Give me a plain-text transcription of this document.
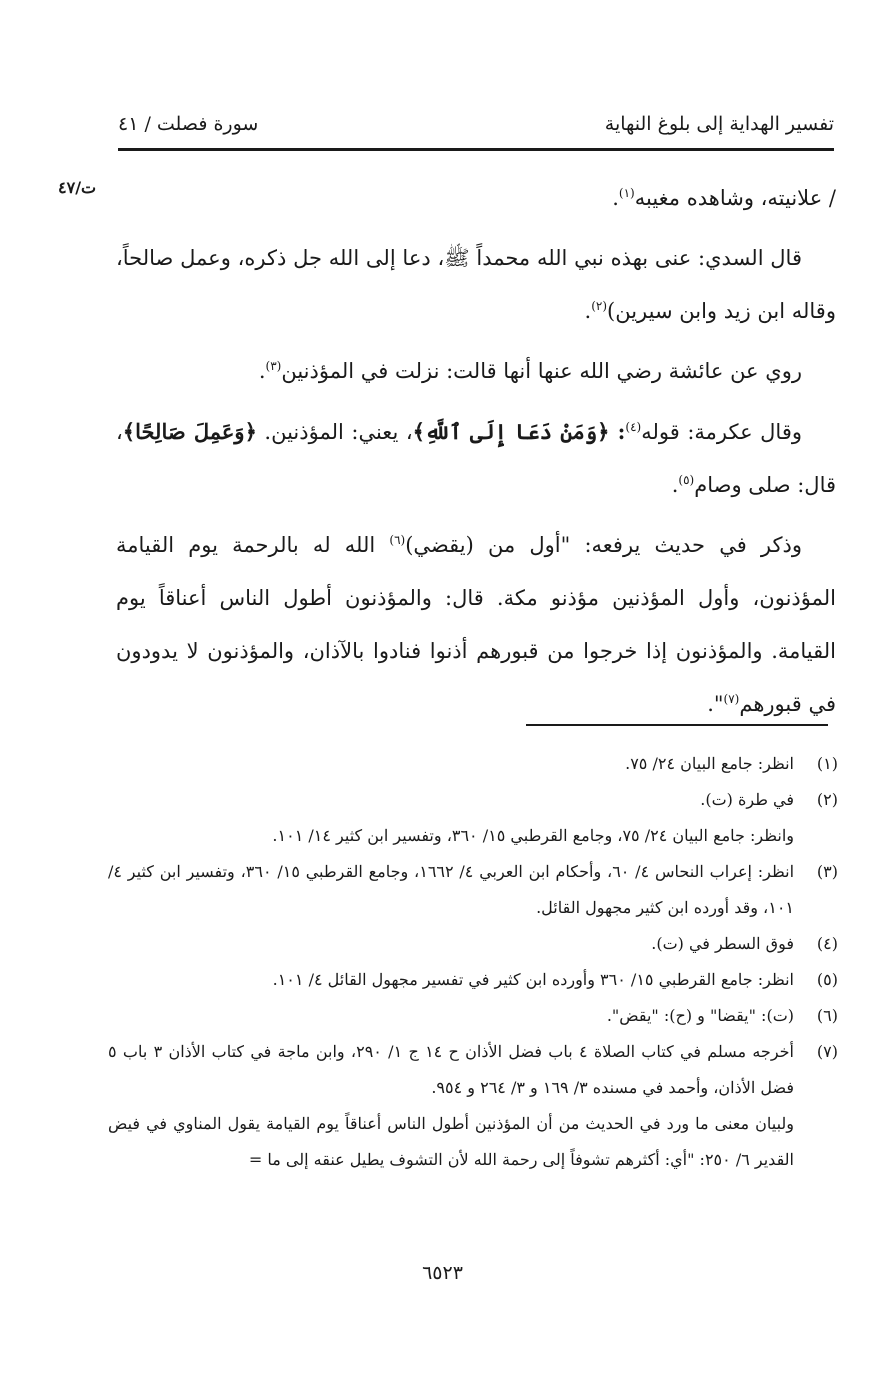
تفسير الهداية إلى بلوغ النهاية
سورة فصلت / ٤١
ت/٤٧	/ علانيته، وشاهده مغيبه$^{(١)}$.

قال السدي: عنى بهذه نبي الله محمداً ﷺ، دعا إلى الله جل ذكره، وعمل صالحاً، وقاله ابن زيد وابن سيرين)$^{(٢)}$.

روي عن عائشة رضي الله عنها أنها قالت: نزلت في المؤذنين$^{(٣)}$.

وقال عكرمة: قوله$^{(٤)}$: ﴿وَمَنْ دَعَا إِلَى ٱللَّهِ﴾، يعني: المؤذنين. ﴿وَعَمِلَ صَالِحًا﴾، قال: صلى وصام$^{(٥)}$.

وذكر في حديث يرفعه: "أول من (يقضي)$^{(٦)}$ الله له بالرحمة يوم القيامة المؤذنون، وأول المؤذنين مؤذنو مكة. قال: والمؤذنون أطول الناس أعناقاً يوم القيامة. والمؤذنون إذا خرجوا من قبورهم أذنوا فنادوا بالآذان، والمؤذنون لا يدودون في قبورهم$^{(٧)}$".

(١)
انظر: جامع البيان ٢٤/ ٧٥.
(٢)
في طرة (ت).
وانظر: جامع البيان ٢٤/ ٧٥، وجامع القرطبي ١٥/ ٣٦٠، وتفسير ابن كثير ١٤/ ١٠١.
(٣)
انظر: إعراب النحاس ٤/ ٦٠، وأحكام ابن العربي ٤/ ١٦٦٢، وجامع القرطبي ١٥/ ٣٦٠، وتفسير ابن كثير ٤/ ١٠١، وقد أورده ابن كثير مجهول القائل.
(٤)
فوق السطر في (ت).
(٥)
انظر: جامع القرطبي ١٥/ ٣٦٠ وأورده ابن كثير في تفسير مجهول القائل ٤/ ١٠١.
(٦)
(ت): "يقضا" و (ح): "يقض".
(٧)
أخرجه مسلم في كتاب الصلاة ٤ باب فضل الأذان ح ١٤ ج ١/ ٢٩٠، وابن ماجة في كتاب الأذان ٣ باب ٥ فضل الأذان، وأحمد في مسنده ٣/ ١٦٩ و ٣/ ٢٦٤ و ٩٥٤.
ولبيان معنى ما ورد في الحديث من أن المؤذنين أطول الناس أعناقاً يوم القيامة يقول المناوي في فيض القدير ٦/ ٢٥٠: "أي: أكثرهم تشوفاً إلى رحمة الله لأن التشوف يطيل عنقه إلى ما =
٦٥٢٣
